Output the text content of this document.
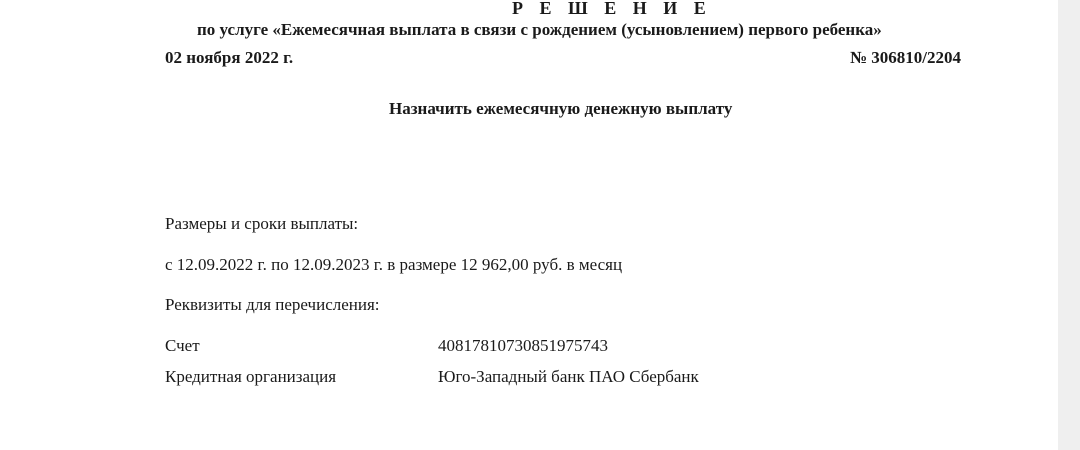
Р Е Ш Е Н И Е
по услуге «Ежемесячная выплата в связи с рождением (усыновлением) первого ребенка»
02 ноября 2022 г.	№ 306810/2204
Назначить ежемесячную денежную выплату
Размеры и сроки выплаты:
с 12.09.2022 г. по 12.09.2023 г. в размере 12 962,00 руб. в месяц
Реквизиты для перечисления:
Счет	40817810730851975743
Кредитная организация	Юго-Западный банк ПАО Сбербанк
